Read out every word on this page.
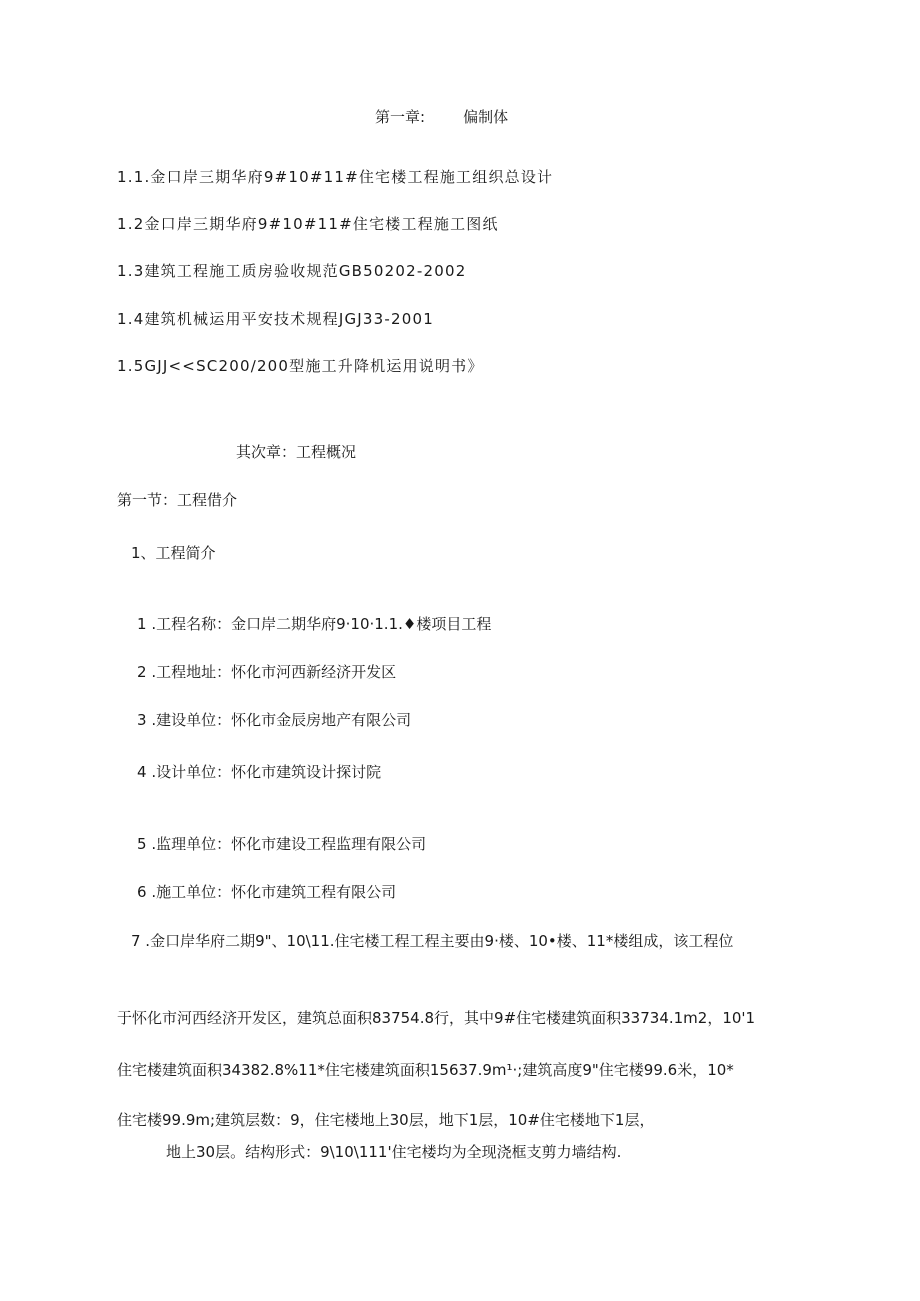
第一章:	偏制体
1.1.金口岸三期华府9#10#11#住宅楼工程施工组织总设计
1.2金口岸三期华府9#10#11#住宅楼工程施工图纸
1.3建筑工程施工质房验收规范GB50202-2002
1.4建筑机械运用平安技术规程JGJ33-2001
1.5GJJ<<SC200∕200型施工升降机运用说明书》
其次章：工程概况
第一节：工程借介
1、工程简介
1 .工程名称：金口岸二期华府9·10·1.1.♦楼项目工程
2 .工程地址：怀化市河西新经济开发区
3 .建设单位：怀化市金辰房地产有限公司
4 .设计单位：怀化市建筑设计探讨院
5 .监理单位：怀化市建设工程监理有限公司
6 .施工单位：怀化市建筑工程有限公司
7 .金口岸华府二期9"、10\11.住宅楼工程工程主要由9·楼、10•楼、11*楼组成，该工程位
于怀化市河西经济开发区，建筑总面积83754.8行，其中9#住宅楼建筑面积33734.1m2，10'1
住宅楼建筑面积34382.8%11*住宅楼建筑面积15637.9m¹·;建筑高度9"住宅楼99.6米，10*
住宅楼99.9m;建筑层数：9，住宅楼地上30层，地下1层，10#住宅楼地下1层，
地上30层。结构形式：9\10\111'住宅楼均为全现浇框支剪力墙结构.
